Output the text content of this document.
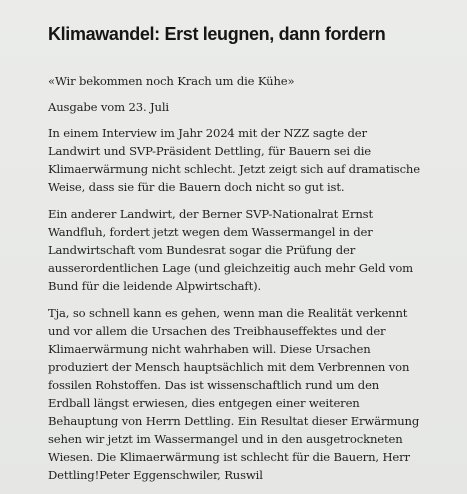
Klimawandel: Erst leugnen, dann fordern

«Wir bekommen noch Krach um die Kühe»

Ausgabe vom 23. Juli

In einem Interview im Jahr 2024 mit der NZZ sagte der Landwirt und SVP-Präsident Dettling, für Bauern sei die Klimaerwärmung nicht schlecht. Jetzt zeigt sich auf dramatische Weise, dass sie für die Bauern doch nicht so gut ist.

Ein anderer Landwirt, der Berner SVP-Nationalrat Ernst Wandfluh, fordert jetzt wegen dem Wassermangel in der Landwirtschaft vom Bundesrat sogar die Prüfung der ausserordentlichen Lage (und gleichzeitig auch mehr Geld vom Bund für die leidende Alpwirtschaft).

Tja, so schnell kann es gehen, wenn man die Realität verkennt und vor allem die Ursachen des Treibhauseffektes und der Klimaerwärmung nicht wahrhaben will. Diese Ursachen produziert der Mensch hauptsächlich mit dem Verbrennen von fossilen Rohstoffen. Das ist wissenschaftlich rund um den Erdball längst erwiesen, dies entgegen einer weiteren Behauptung von Herrn Dettling. Ein Resultat dieser Erwärmung sehen wir jetzt im Wassermangel und in den ausgetrockneten Wiesen. Die Klimaerwärmung ist schlecht für die Bauern, Herr Dettling!Peter Eggenschwiler, Ruswil
